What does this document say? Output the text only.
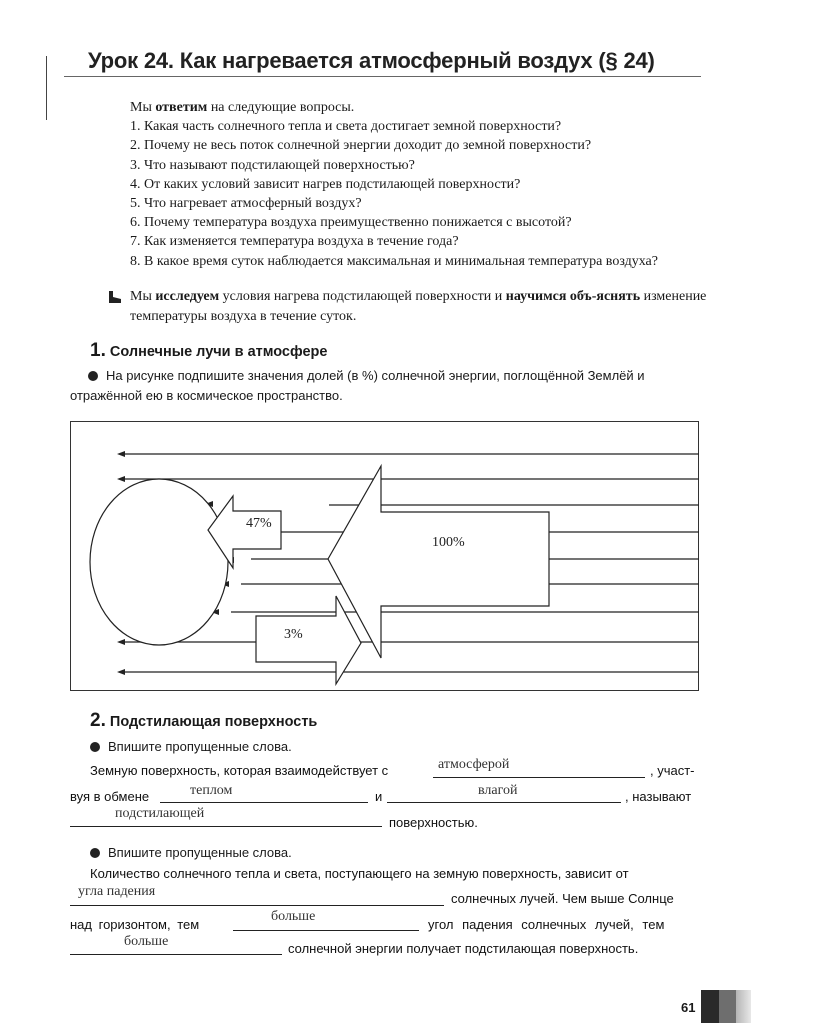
Урок 24. Как нагревается атмосферный воздух (§ 24)
Мы ответим на следующие вопросы.
1. Какая часть солнечного тепла и света достигает земной поверхности?
2. Почему не весь поток солнечной энергии доходит до земной поверхности?
3. Что называют подстилающей поверхностью?
4. От каких условий зависит нагрев подстилающей поверхности?
5. Что нагревает атмосферный воздух?
6. Почему температура воздуха преимущественно понижается с высотой?
7. Как изменяется температура воздуха в течение года?
8. В какое время суток наблюдается максимальная и минимальная температура воздуха?
Мы исследуем условия нагрева подстилающей поверхности и научимся объ-яснять изменение температуры воздуха в течение суток.
1. Солнечные лучи в атмосфере
На рисунке подпишите значения долей (в %) солнечной энергии, поглощённой Землёй и отражённой ею в космическое пространство.
100%
47%
3%
2. Подстилающая поверхность
Впишите пропущенные слова.
Земную поверхность, которая взаимодействует с	атмосферой	, участ-
вуя в обмене	теплом	и	влагой	, называют
подстилающей
поверхностью.
Впишите пропущенные слова.
Количество солнечного тепла и света, поступающего на земную поверхность, зависит от
угла падения	солнечных лучей. Чем выше Солнце
над горизонтом, тем
больше
угол падения солнечных лучей, тем
больше	солнечной энергии получает подстилающая поверхность.
61
